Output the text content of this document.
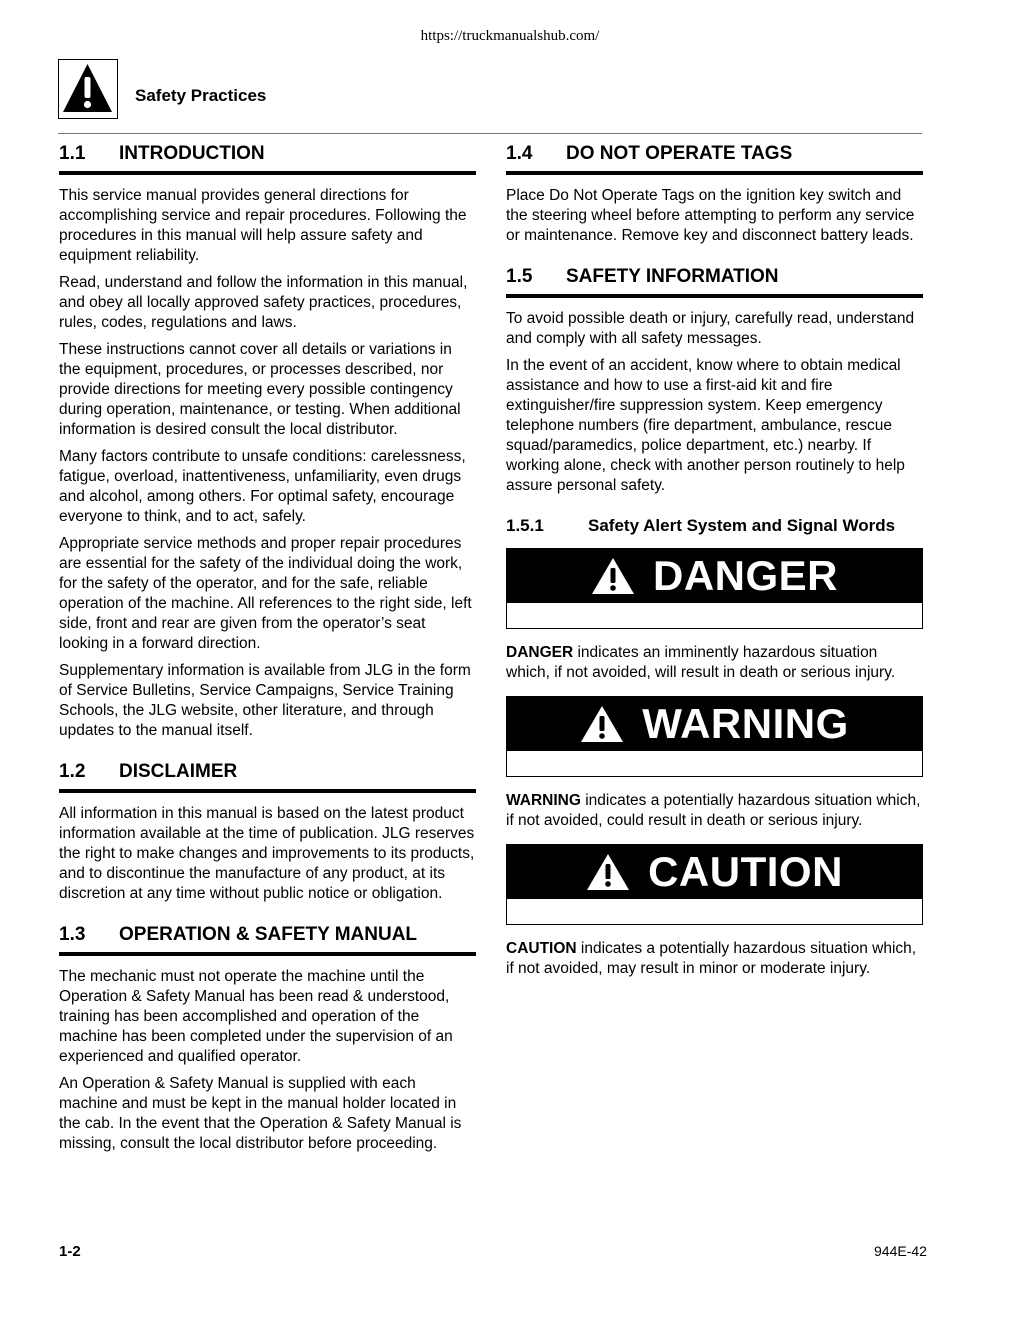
https://truckmanualshub.com/
Safety Practices
1.1	INTRODUCTION

This service manual provides general directions for accomplishing service and repair procedures. Following the procedures in this manual will help assure safety and equipment reliability.

Read, understand and follow the information in this manual, and obey all locally approved safety practices, procedures, rules, codes, regulations and laws.

These instructions cannot cover all details or variations in the equipment, procedures, or processes described, nor provide directions for meeting every possible contingency during operation, maintenance, or testing. When additional information is desired consult the local distributor.

Many factors contribute to unsafe conditions: carelessness, fatigue, overload, inattentiveness, unfamiliarity, even drugs and alcohol, among others. For optimal safety, encourage everyone to think, and to act, safely.

Appropriate service methods and proper repair procedures are essential for the safety of the individual doing the work, for the safety of the operator, and for the safe, reliable operation of the machine. All references to the right side, left side, front and rear are given from the operator’s seat looking in a forward direction.

Supplementary information is available from JLG in the form of Service Bulletins, Service Campaigns, Service Training Schools, the JLG website, other literature, and through updates to the manual itself.

1.2	DISCLAIMER

All information in this manual is based on the latest product information available at the time of publication. JLG reserves the right to make changes and improvements to its products, and to discontinue the manufacture of any product, at its discretion at any time without public notice or obligation.

1.3	OPERATION & SAFETY MANUAL

The mechanic must not operate the machine until the Operation & Safety Manual has been read & understood, training has been accomplished and operation of the machine has been completed under the supervision of an experienced and qualified operator.

An Operation & Safety Manual is supplied with each machine and must be kept in the manual holder located in the cab. In the event that the Operation & Safety Manual is missing, consult the local distributor before proceeding.

1.4	DO NOT OPERATE TAGS

Place Do Not Operate Tags on the ignition key switch and the steering wheel before attempting to perform any service or maintenance. Remove key and disconnect battery leads.

1.5	SAFETY INFORMATION

To avoid possible death or injury, carefully read, understand and comply with all safety messages.

In the event of an accident, know where to obtain medical assistance and how to use a first-aid kit and fire extinguisher/fire suppression system. Keep emergency telephone numbers (fire department, ambulance, rescue squad/paramedics, police department, etc.) nearby. If working alone, check with another person routinely to help assure personal safety.

1.5.1	Safety Alert System and Signal Words
DANGER

DANGER indicates an imminently hazardous situation which, if not avoided, will result in death or serious injury.

WARNING

WARNING indicates a potentially hazardous situation which, if not avoided, could result in death or serious injury.

CAUTION

CAUTION indicates a potentially hazardous situation which, if not avoided, may result in minor or moderate injury.

1-2	944E-42
